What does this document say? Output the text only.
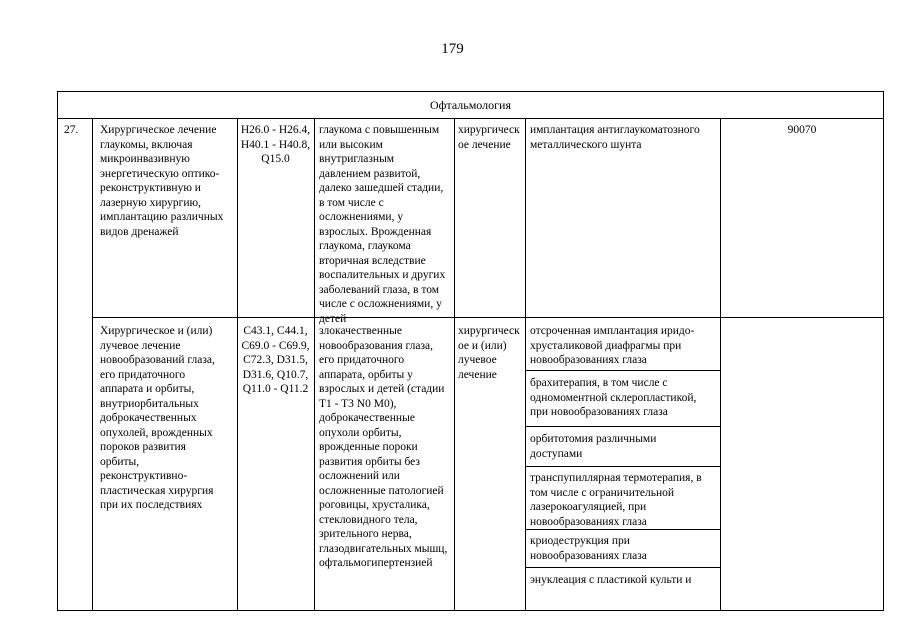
179
Офтальмология
27.	Хирургическое лечение
глаукомы, включая
микроинвазивную
энергетическую оптико-
реконструктивную и
лазерную хирургию,
имплантацию различных
видов дренажей
H26.0 - H26.4,
H40.1 - H40.8,
Q15.0
глаукома с повышенным
или высоким
внутриглазным
давлением развитой,
далеко зашедшей стадии,
в том числе с
осложнениями, у
взрослых. Врожденная
глаукома, глаукома
вторичная вследствие
воспалительных и других
заболеваний глаза, в том
числе с осложнениями, у
детей
хирургическ
ое лечение
имплантация антиглаукоматозного
металлического шунта
90070
Хирургическое и (или)
лучевое лечение
новообразований глаза,
его придаточного
аппарата и орбиты,
внутриорбитальных
доброкачественных
опухолей, врожденных
пороков развития
орбиты,
реконструктивно-
пластическая хирургия
при их последствиях
C43.1, C44.1,
C69.0 - C69.9,
C72.3, D31.5,
D31.6, Q10.7,
Q11.0 - Q11.2
злокачественные
новообразования глаза,
его придаточного
аппарата, орбиты у
взрослых и детей (стадии
T1 - T3 N0 M0),
доброкачественные
опухоли орбиты,
врожденные пороки
развития орбиты без
осложнений или
осложненные патологией
роговицы, хрусталика,
стекловидного тела,
зрительного нерва,
глазодвигательных мышц,
офтальмогипертензией
хирургическ
ое и (или)
лучевое
лечение
отсроченная имплантация иридо-
хрусталиковой диафрагмы при
новообразованиях глаза
брахитерапия, в том числе с
одномоментной склеропластикой,
при новообразованиях глаза
орбитотомия различными
доступами
транспупиллярная термотерапия, в
том числе с ограничительной
лазерокоагуляцией, при
новообразованиях глаза
криодеструкция при
новообразованиях глаза
энуклеация с пластикой культи и
